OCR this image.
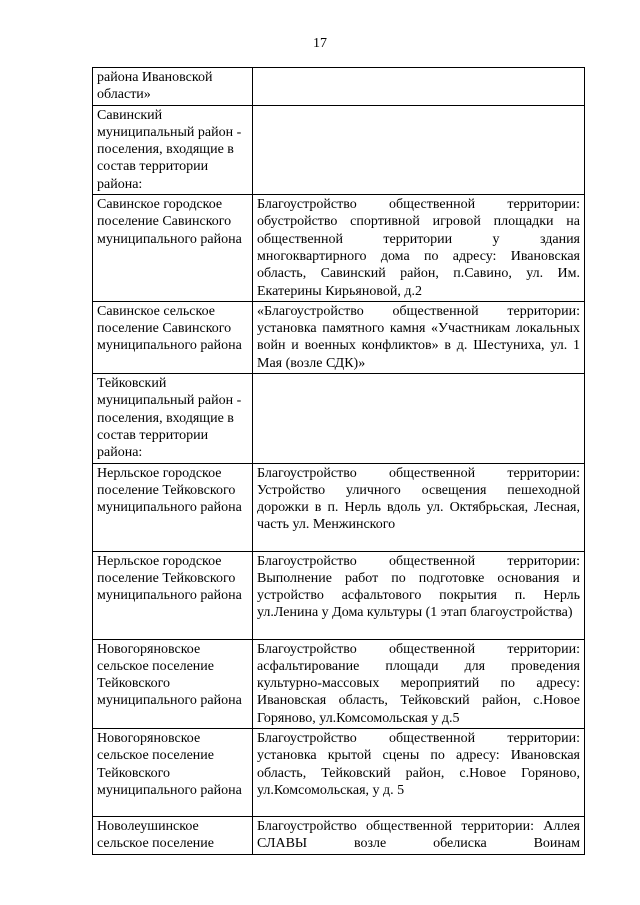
17
района Ивановской области»	
Савинский муниципальный район - поселения, входящие в состав территории района:	
Савинское городское поселение Савинского муниципального района	Благоустройство общественной территории: обустройство спортивной игровой площадки на общественной территории у здания многоквартирного дома по адресу: Ивановская область, Савинский район, п.Савино, ул. Им. Екатерины Кирьяновой, д.2
Савинское сельское поселение Савинского муниципального района	«Благоустройство общественной территории: установка памятного камня «Участникам локальных войн и военных конфликтов» в д. Шестуниха, ул. 1 Мая (возле СДК)»
Тейковский муниципальный район - поселения, входящие в состав территории района:	
Нерльское городское поселение Тейковского муниципального района	Благоустройство общественной территории: Устройство уличного освещения пешеходной дорожки в п. Нерль вдоль ул. Октябрьская, Лесная, часть ул. Менжинского
Нерльское городское поселение Тейковского муниципального района	Благоустройство общественной территории: Выполнение работ по подготовке основания и устройство асфальтового покрытия п. Нерль ул.Ленина у Дома культуры (1 этап благоустройства)
Новогоряновское сельское поселение Тейковского муниципального района	Благоустройство общественной территории: асфальтирование площади для проведения культурно-массовых мероприятий по адресу: Ивановская область, Тейковский район, с.Новое Горяново, ул.Комсомольская у д.5
Новогоряновское сельское поселение Тейковского муниципального района	Благоустройство общественной территории: установка крытой сцены по адресу: Ивановская область, Тейковский район, с.Новое Горяново, ул.Комсомольская, у д. 5
Новолеушинское сельское поселение	Благоустройство общественной территории: Аллея СЛАВЫ возле обелиска Воинам
